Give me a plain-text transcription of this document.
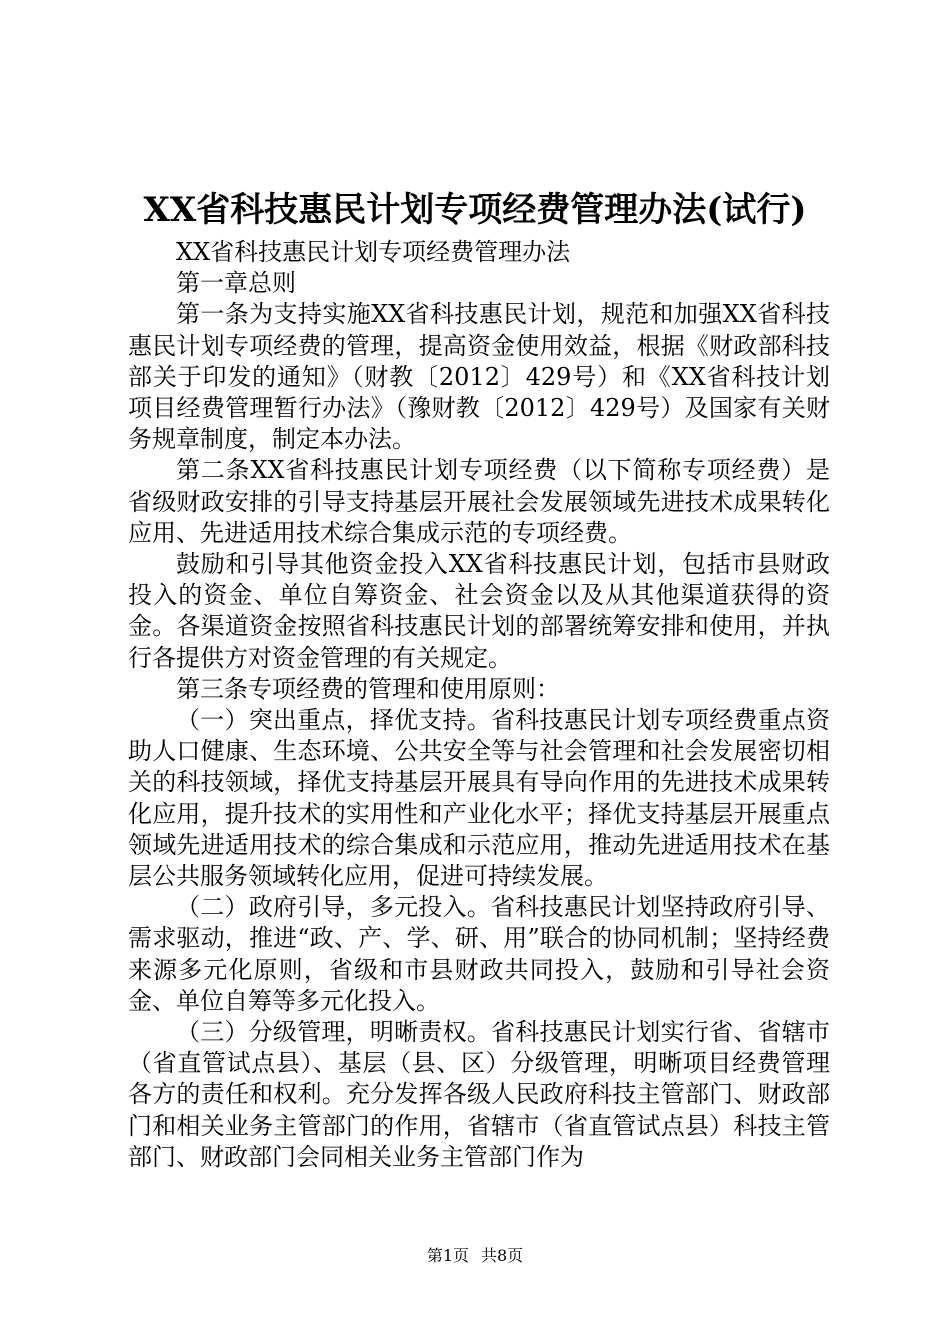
XX省科技惠民计划专项经费管理办法(试行)

XX省科技惠民计划专项经费管理办法

第一章总则

第一条为支持实施XX省科技惠民计划，规范和加强XX省科技惠民计划专项经费的管理，提高资金使用效益，根据《财政部科技部关于印发的通知》（财教〔2012〕429号）和《XX省科技计划项目经费管理暂行办法》（豫财教〔2012〕429号）及国家有关财务规章制度，制定本办法。

第二条XX省科技惠民计划专项经费（以下简称专项经费）是省级财政安排的引导支持基层开展社会发展领域先进技术成果转化应用、先进适用技术综合集成示范的专项经费。

鼓励和引导其他资金投入XX省科技惠民计划，包括市县财政投入的资金、单位自筹资金、社会资金以及从其他渠道获得的资金。各渠道资金按照省科技惠民计划的部署统筹安排和使用，并执行各提供方对资金管理的有关规定。

第三条专项经费的管理和使用原则：

（一）突出重点，择优支持。省科技惠民计划专项经费重点资助人口健康、生态环境、公共安全等与社会管理和社会发展密切相关的科技领域，择优支持基层开展具有导向作用的先进技术成果转化应用，提升技术的实用性和产业化水平；择优支持基层开展重点领域先进适用技术的综合集成和示范应用，推动先进适用技术在基层公共服务领域转化应用，促进可持续发展。

（二）政府引导，多元投入。省科技惠民计划坚持政府引导、需求驱动，推进“政、产、学、研、用”联合的协同机制；坚持经费来源多元化原则，省级和市县财政共同投入，鼓励和引导社会资金、单位自筹等多元化投入。

（三）分级管理，明晰责权。省科技惠民计划实行省、省辖市（省直管试点县）、基层（县、区）分级管理，明晰项目经费管理各方的责任和权利。充分发挥各级人民政府科技主管部门、财政部门和相关业务主管部门的作用，省辖市（省直管试点县）科技主管部门、财政部门会同相关业务主管部门作为

第1页 共8页
